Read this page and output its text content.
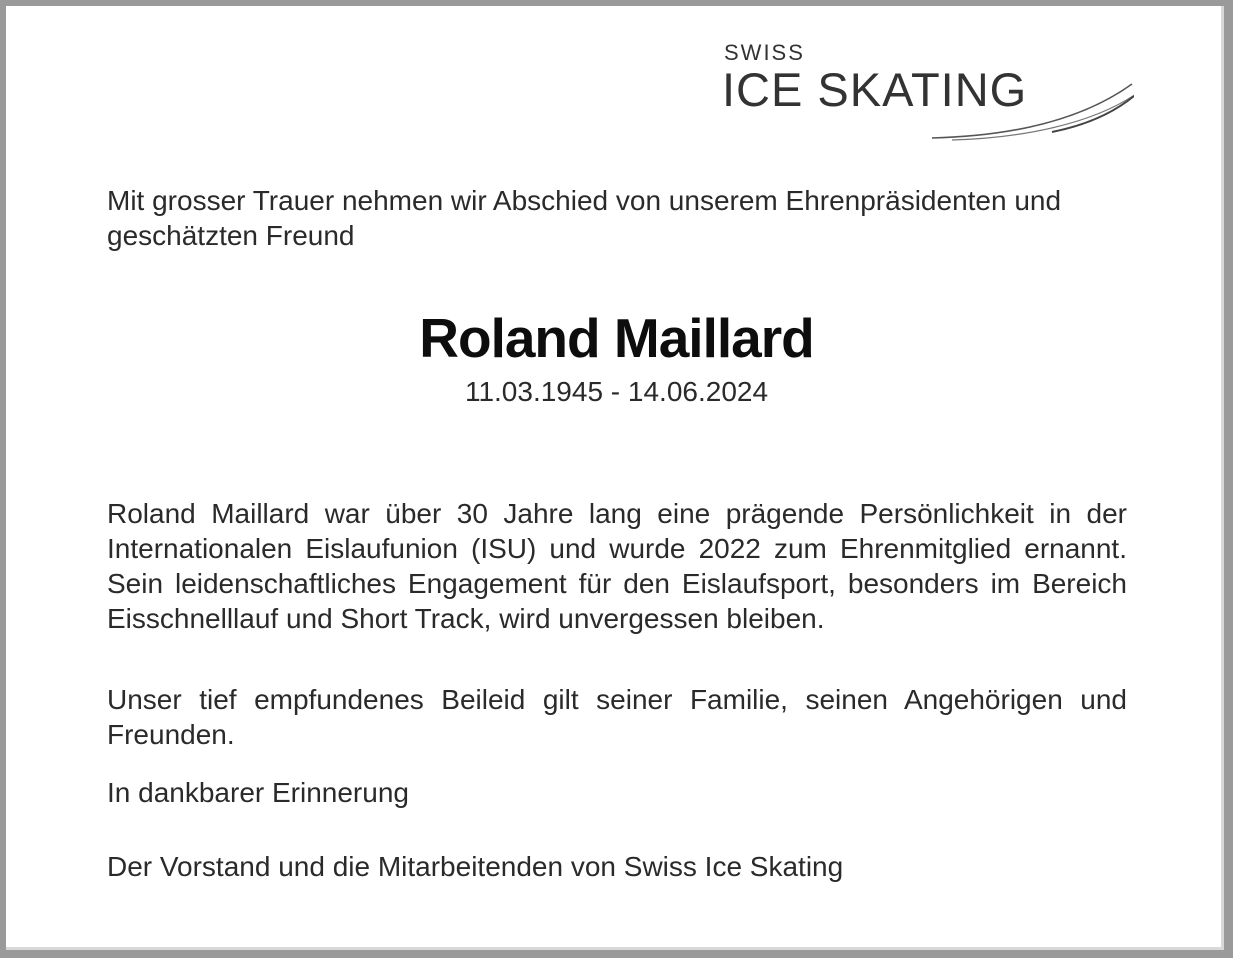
SWISS
ICE SKATING

Mit grosser Trauer nehmen wir Abschied von unserem Ehrenpräsidenten und geschätzten Freund

Roland Maillard
11.03.1945 - 14.06.2024

Roland Maillard war über 30 Jahre lang eine prägende Persönlichkeit in der Internationalen Eislaufunion (ISU) und wurde 2022 zum Ehrenmitglied ernannt. Sein leidenschaftliches Engagement für den Eislaufsport, besonders im Bereich Eisschnelllauf und Short Track, wird unvergessen bleiben.

Unser tief empfundenes Beileid gilt seiner Familie, seinen Angehörigen und Freunden.

In dankbarer Erinnerung

Der Vorstand und die Mitarbeitenden von Swiss Ice Skating
